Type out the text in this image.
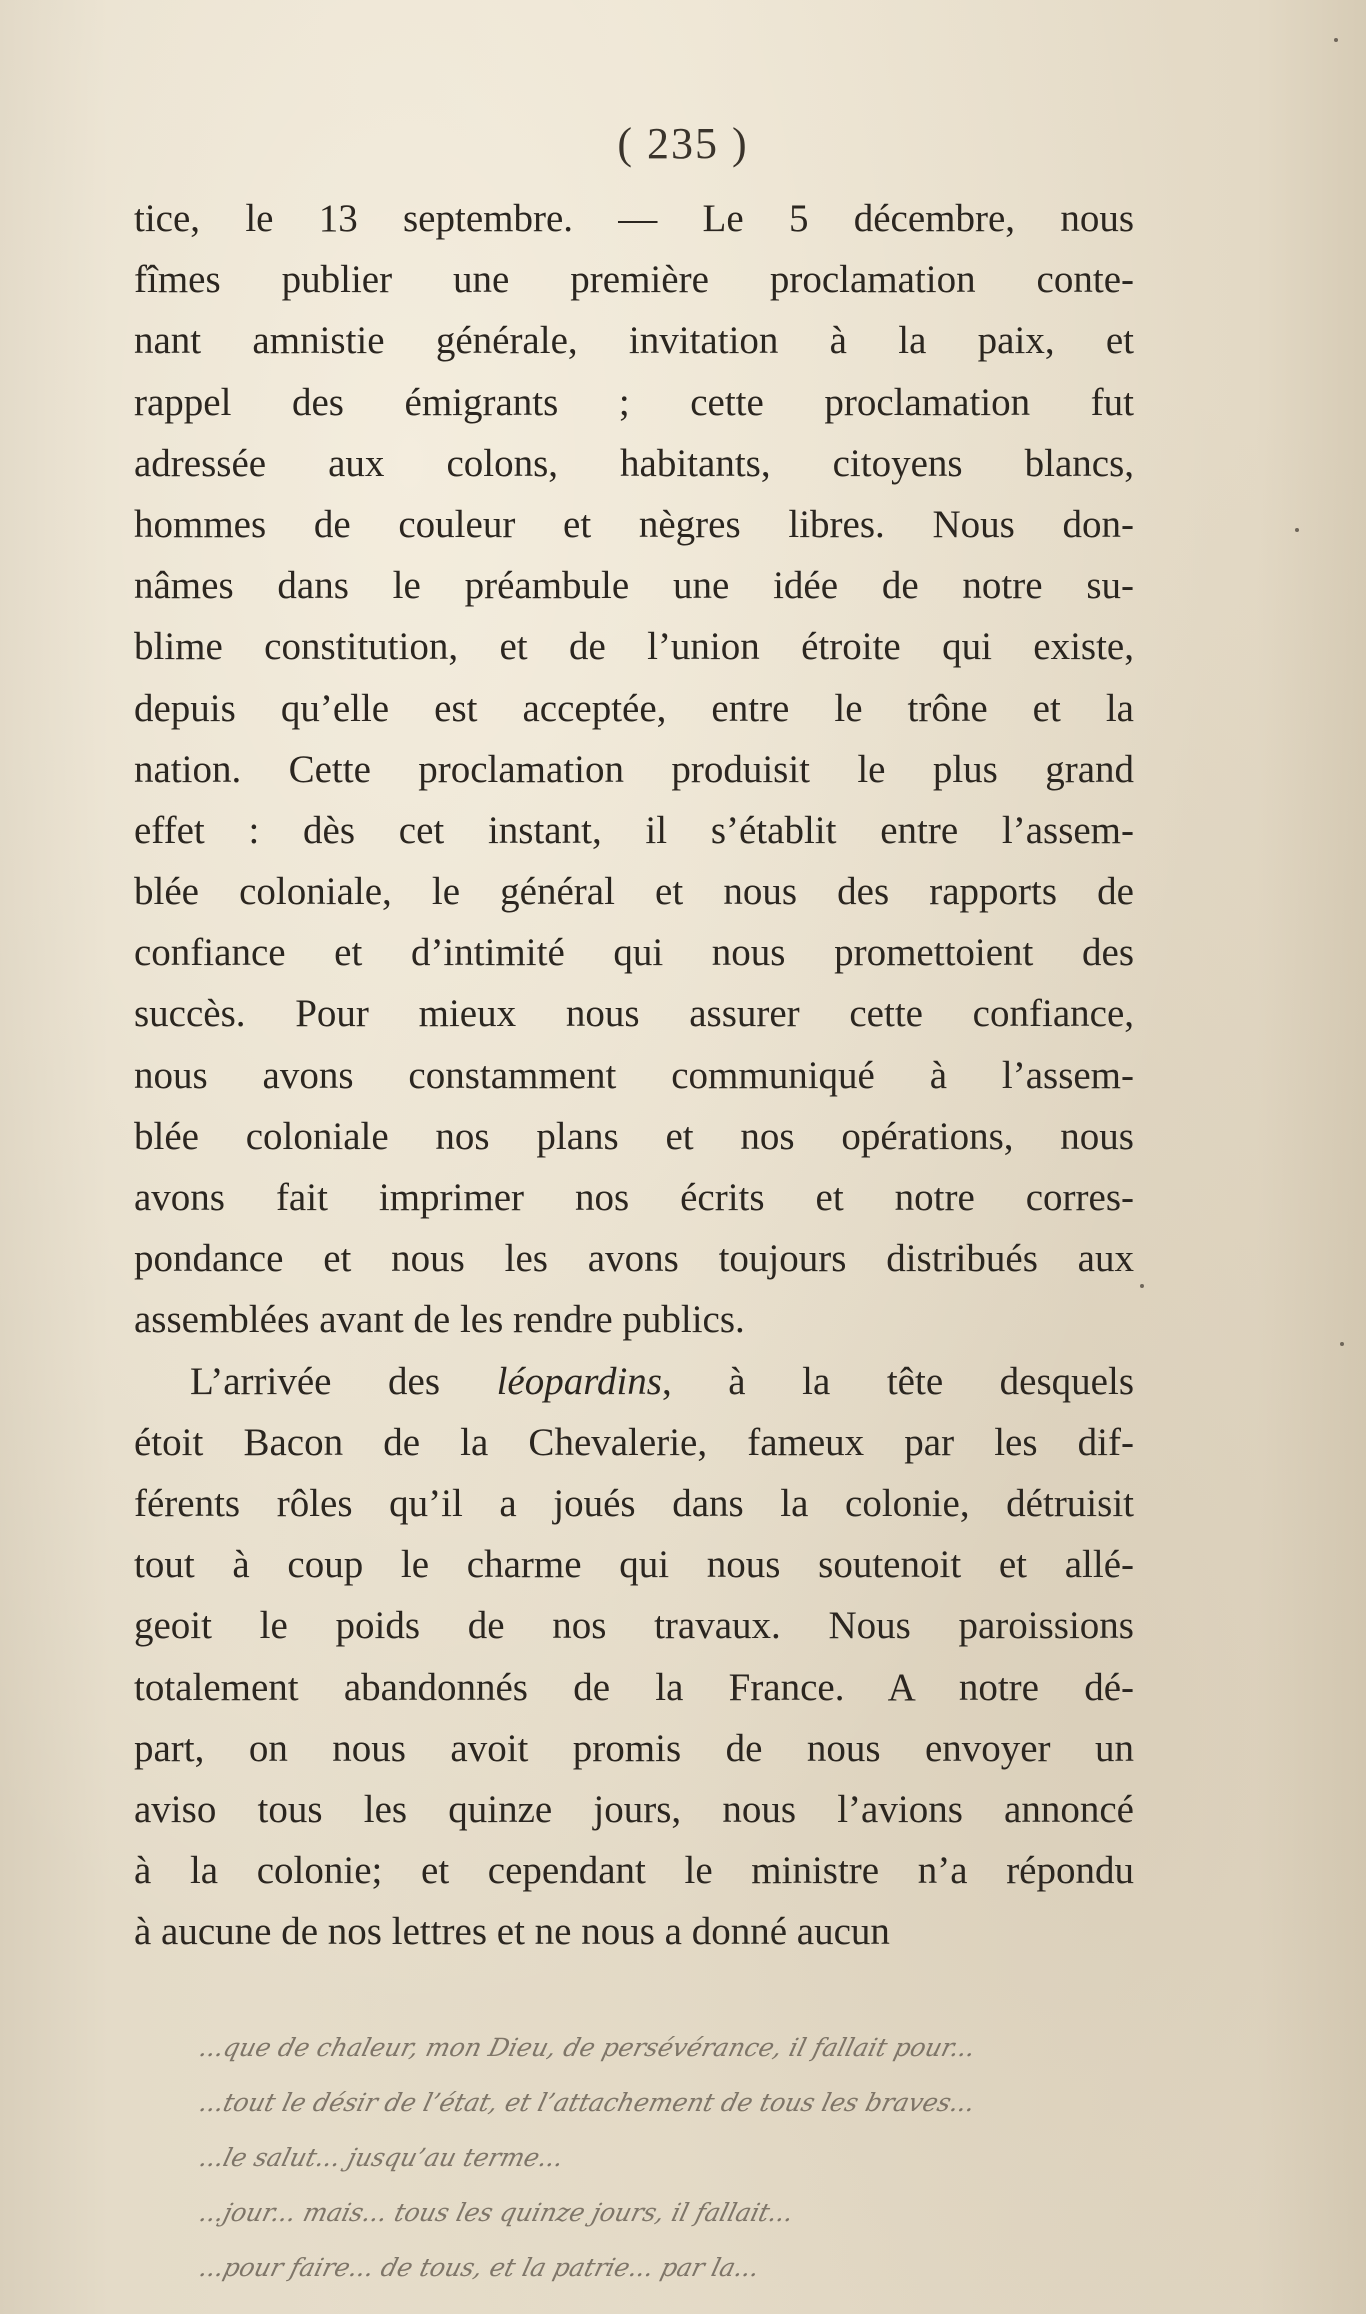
( 235 )
tice, le 13 septembre. — Le 5 décembre, nous
fîmes publier une première proclamation conte-
nant amnistie générale, invitation à la paix, et
rappel des émigrants ; cette proclamation fut
adressée aux colons, habitants, citoyens blancs,
hommes de couleur et nègres libres. Nous don-
nâmes dans le préambule une idée de notre su-
blime constitution, et de l’union étroite qui existe,
depuis qu’elle est acceptée, entre le trône et la
nation. Cette proclamation produisit le plus grand
effet : dès cet instant, il s’établit entre l’assem-
blée coloniale, le général et nous des rapports de
confiance et d’intimité qui nous promettoient des
succès. Pour mieux nous assurer cette confiance,
nous avons constamment communiqué à l’assem-
blée coloniale nos plans et nos opérations, nous
avons fait imprimer nos écrits et notre corres-
pondance et nous les avons toujours distribués aux
assemblées avant de les rendre publics.
L’arrivée des léopardins, à la tête desquels
étoit Bacon de la Chevalerie, fameux par les dif-
férents rôles qu’il a joués dans la colonie, détruisit
tout à coup le charme qui nous soutenoit et allé-
geoit le poids de nos travaux. Nous paroissions
totalement abandonnés de la France. A notre dé-
part, on nous avoit promis de nous envoyer un
aviso tous les quinze jours, nous l’avions annoncé
à la colonie; et cependant le ministre n’a répondu
à aucune de nos lettres et ne nous a donné aucun
...que de chaleur, mon Dieu, de persévérance, il fallait pour...
...tout le désir de l’état, et l’attachement de tous les braves...
...le salut... jusqu’au terme...
...jour... mais... tous les quinze jours, il fallait...
...pour faire... de tous, et la patrie... par la...
